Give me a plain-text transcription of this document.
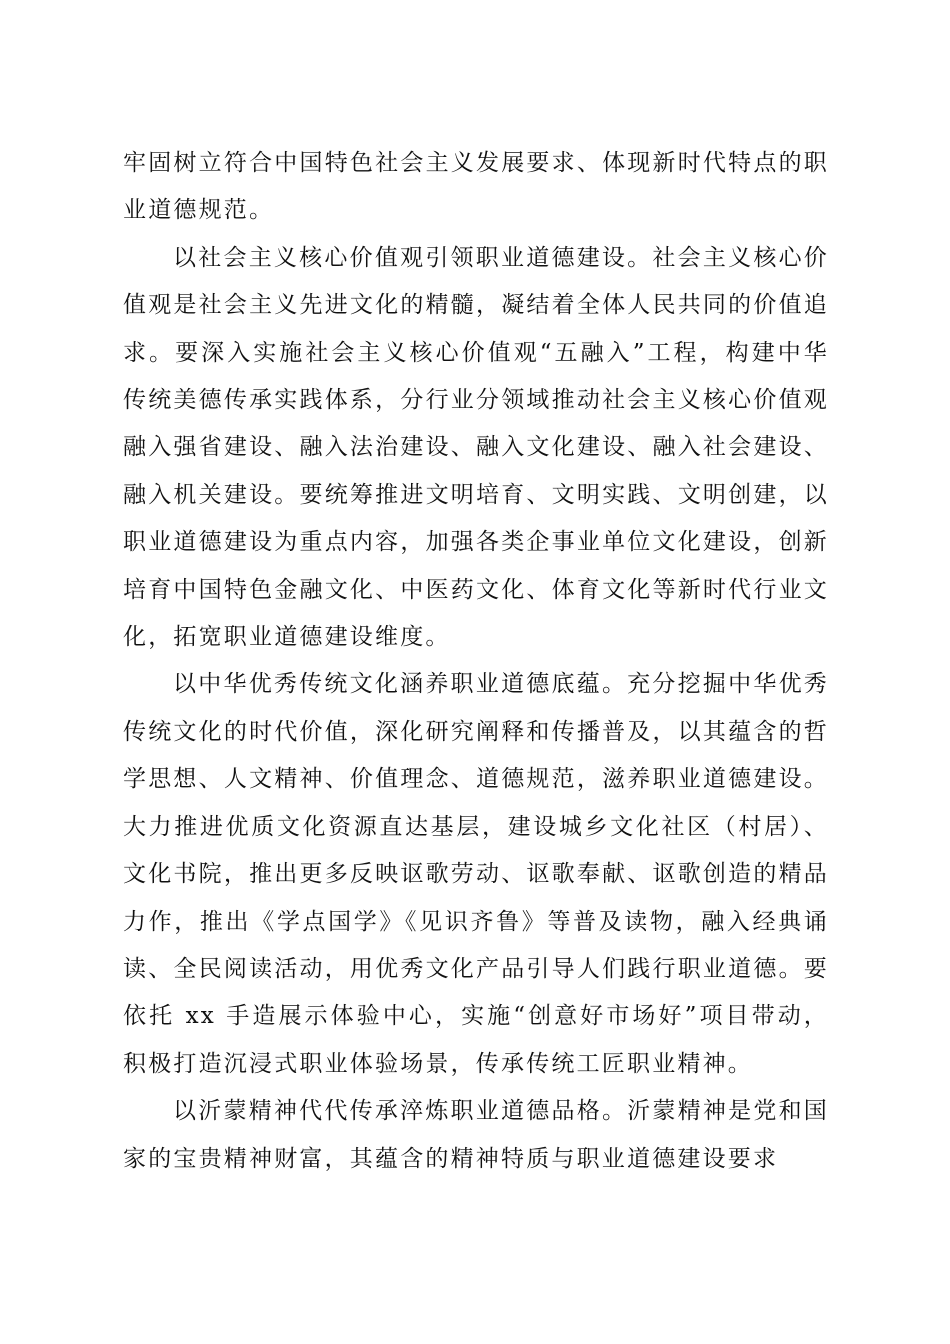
牢固树立符合中国特色社会主义发展要求、体现新时代特点的职业道德规范。

以社会主义核心价值观引领职业道德建设。社会主义核心价值观是社会主义先进文化的精髓，凝结着全体人民共同的价值追求。要深入实施社会主义核心价值观“五融入”工程，构建中华传统美德传承实践体系，分行业分领域推动社会主义核心价值观融入强省建设、融入法治建设、融入文化建设、融入社会建设、融入机关建设。要统筹推进文明培育、文明实践、文明创建，以职业道德建设为重点内容，加强各类企事业单位文化建设，创新培育中国特色金融文化、中医药文化、体育文化等新时代行业文化，拓宽职业道德建设维度。

以中华优秀传统文化涵养职业道德底蕴。充分挖掘中华优秀传统文化的时代价值，深化研究阐释和传播普及，以其蕴含的哲学思想、人文精神、价值理念、道德规范，滋养职业道德建设。大力推进优质文化资源直达基层，建设城乡文化社区（村居）、文化书院，推出更多反映讴歌劳动、讴歌奉献、讴歌创造的精品力作，推出《学点国学》《见识齐鲁》等普及读物，融入经典诵读、全民阅读活动，用优秀文化产品引导人们践行职业道德。要依托 xx 手造展示体验中心，实施“创意好市场好”项目带动，积极打造沉浸式职业体验场景，传承传统工匠职业精神。

以沂蒙精神代代传承淬炼职业道德品格。沂蒙精神是党和国家的宝贵精神财富，其蕴含的精神特质与职业道德建设要求
